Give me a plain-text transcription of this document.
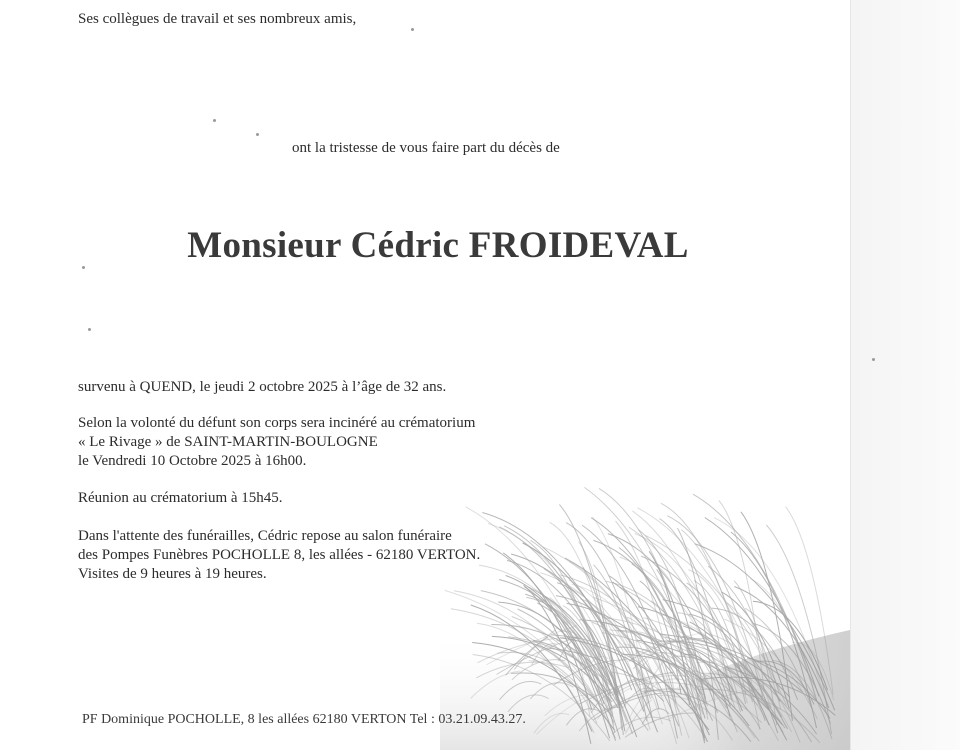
Ses collègues de travail et ses nombreux amis,
ont la tristesse de vous faire part du décès de
Monsieur Cédric FROIDEVAL
survenu à QUEND, le jeudi 2 octobre 2025 à l’âge de 32 ans.
Selon la volonté du défunt son corps sera incinéré au crématorium
« Le Rivage » de SAINT-MARTIN-BOULOGNE
le Vendredi 10 Octobre 2025 à 16h00.
Réunion au crématorium à 15h45.
Dans l'attente des funérailles, Cédric repose au salon funéraire
des Pompes Funèbres POCHOLLE 8, les allées - 62180 VERTON.
Visites de 9 heures à 19 heures.
PF Dominique POCHOLLE, 8 les allées 62180 VERTON Tel : 03.21.09.43.27.
